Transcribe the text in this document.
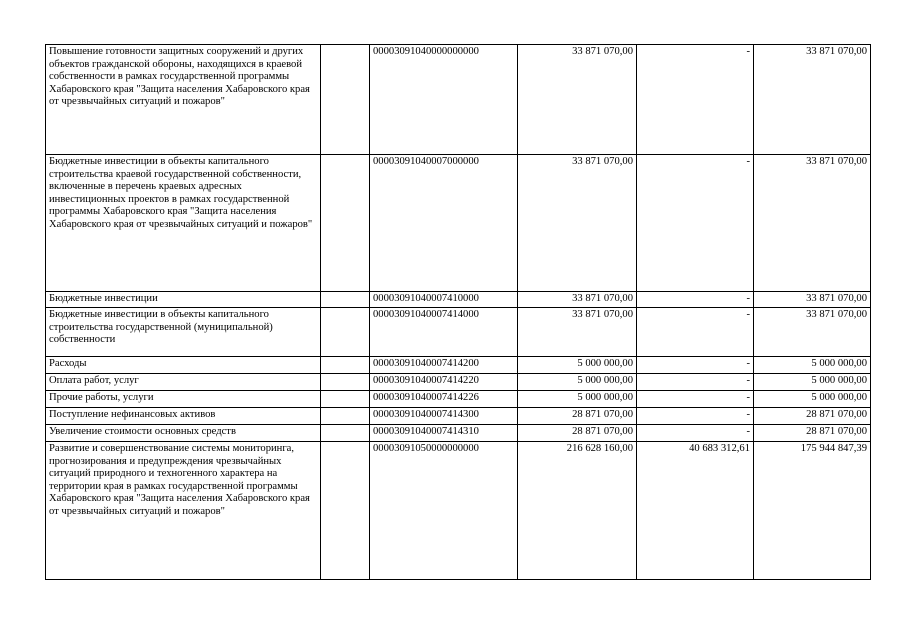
Повышение готовности защитных сооружений и других объектов гражданской обороны, находящихся в краевой собственности в рамках государственной программы Хабаровского края "Защита населения Хабаровского края от чрезвычайных ситуаций и пожаров"		00003091040000000000	33 871 070,00	-	33 871 070,00
Бюджетные инвестиции в объекты капитального строительства краевой государственной собственности, включенные в перечень краевых адресных инвестиционных проектов в рамках государственной программы Хабаровского края "Защита населения Хабаровского края от чрезвычайных ситуаций и пожаров"		00003091040007000000	33 871 070,00	-	33 871 070,00
Бюджетные инвестиции		00003091040007410000	33 871 070,00	-	33 871 070,00
Бюджетные инвестиции в объекты капитального строительства государственной (муниципальной) собственности		00003091040007414000	33 871 070,00	-	33 871 070,00
Расходы		00003091040007414200	5 000 000,00	-	5 000 000,00
Оплата работ, услуг		00003091040007414220	5 000 000,00	-	5 000 000,00
Прочие работы, услуги		00003091040007414226	5 000 000,00	-	5 000 000,00
Поступление нефинансовых активов		00003091040007414300	28 871 070,00	-	28 871 070,00
Увеличение стоимости основных средств		00003091040007414310	28 871 070,00	-	28 871 070,00
Развитие и совершенствование системы мониторинга, прогнозирования и предупреждения чрезвычайных ситуаций природного и техногенного характера на территории края в рамках государственной программы Хабаровского края "Защита населения Хабаровского края от чрезвычайных ситуаций и пожаров"		00003091050000000000	216 628 160,00	40 683 312,61	175 944 847,39
